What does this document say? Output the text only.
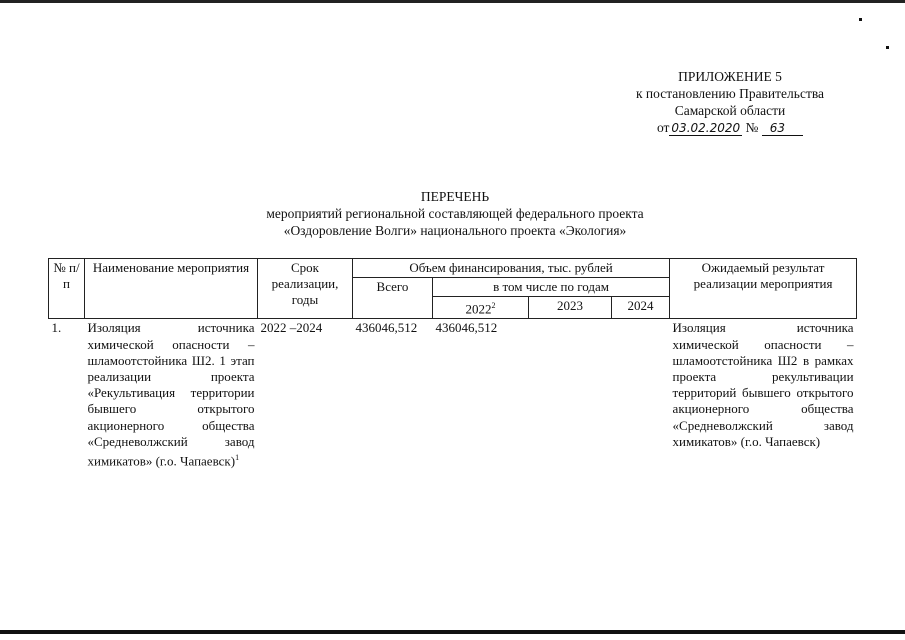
ПРИЛОЖЕНИЕ 5
к постановлению Правительства
Самарской области
от 03.02.2020 № 63
ПЕРЕЧЕНЬ
мероприятий региональной составляющей федерального проекта
«Оздоровление Волги» национального проекта «Экология»
№ п/п	Наименование мероприятия	Срок реализации, годы	Объем финансирования, тыс. рублей				Ожидаемый результат реализации мероприятия
			Всего	в том числе по годам			
				2022$^2$	2023	2024	
1.	Изоляция источника химической опасности – шламоотстойника Ш2. 1 этап реализации проекта «Рекультивация территории бывшего открытого акционерного общества «Средневолжский завод химикатов» (г.о. Чапаевск)$^1$	2022 –2024	436046,512	436046,512			Изоляция источника химической опасности – шламоотстойника Ш2 в рамках проекта рекультивации территорий бывшего открытого акционерного общества «Средневолжский завод химикатов» (г.о. Чапаевск)
